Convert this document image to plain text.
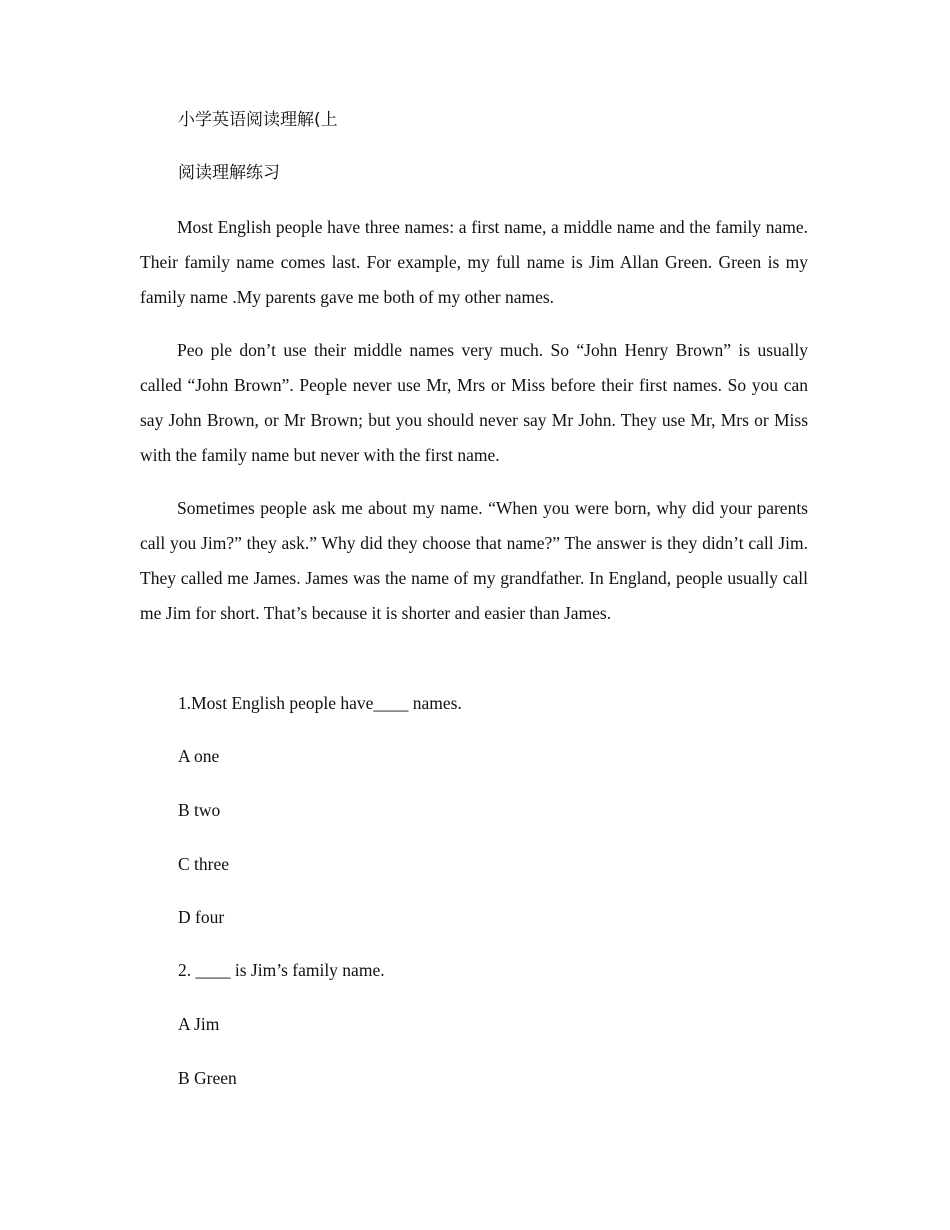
小学英语阅读理解(上
阅读理解练习

Most English people have three names: a first name, a middle name and the family name. Their family name comes last. For example, my full name is Jim Allan Green. Green is my family name .My parents gave me both of my other names.

Peo ple don’t use their middle names very much. So “John Henry Brown” is usually called “John Brown”. People never use Mr, Mrs or Miss before their first names. So you can say John Brown, or Mr Brown; but you should never say Mr John. They use Mr, Mrs or Miss with the family name but never with the first name.

Sometimes people ask me about my name. “When you were born, why did your parents call you Jim?” they ask.” Why did they choose that name?” The answer is they didn’t call Jim. They called me James. James was the name of my grandfather. In England, people usually call me Jim for short. That’s because it is shorter and easier than James.

1.Most English people have____ names.
A one
B two
C three
D four
2. ____ is Jim’s family name.
A Jim
B Green
